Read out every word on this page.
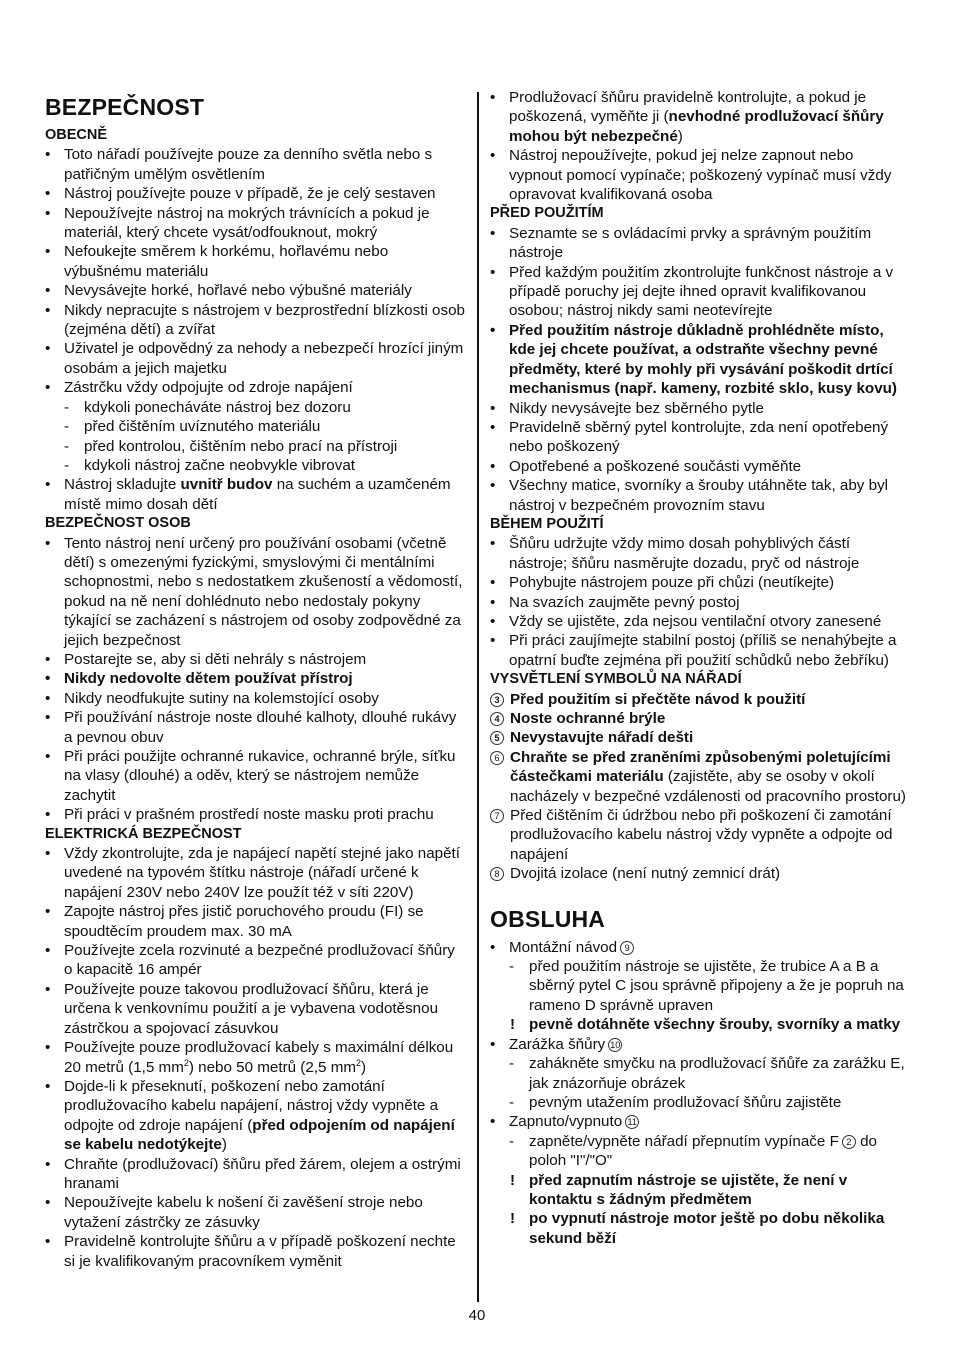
BEZPEČNOST
OBECNĚ
• Toto nářadí používejte pouze za denního světla nebo s patřičným umělým osvětlením
• Nástroj používejte pouze v případě, že je celý sestaven
• Nepoužívejte nástroj na mokrých trávnících a pokud je materiál, který chcete vysát/odfouknout, mokrý
• Nefoukejte směrem k horkému, hořlavému nebo výbušnému materiálu
• Nevysávejte horké, hořlavé nebo výbušné materiály
• Nikdy nepracujte s nástrojem v bezprostřední blízkosti osob (zejména dětí) a zvířat
• Uživatel je odpovědný za nehody a nebezpečí hrozící jiným osobám a jejich majetku
• Zástrčku vždy odpojujte od zdroje napájení
- kdykoli ponecháváte nástroj bez dozoru
- před čištěním uvíznutého materiálu
- před kontrolou, čištěním nebo prací na přístroji
- kdykoli nástroj začne neobvykle vibrovat
• Nástroj skladujte uvnitř budov na suchém a uzamčeném místě mimo dosah dětí
BEZPEČNOST OSOB
• Tento nástroj není určený pro používání osobami (včetně dětí) s omezenými fyzickými, smyslovými či mentálními schopnostmi, nebo s nedostatkem zkušeností a vědomostí, pokud na ně není dohlédnuto nebo nedostaly pokyny týkající se zacházení s nástrojem od osoby zodpovědné za jejich bezpečnost
• Postarejte se, aby si děti nehrály s nástrojem
• Nikdy nedovolte dětem používat přístroj
• Nikdy neodfukujte sutiny na kolemstojící osoby
• Při používání nástroje noste dlouhé kalhoty, dlouhé rukávy a pevnou obuv
• Při práci použijte ochranné rukavice, ochranné brýle, síťku na vlasy (dlouhé) a oděv, který se nástrojem nemůže zachytit
• Při práci v prašném prostředí noste masku proti prachu
ELEKTRICKÁ BEZPEČNOST
• Vždy zkontrolujte, zda je napájecí napětí stejné jako napětí uvedené na typovém štítku nástroje (nářadí určené k napájení 230V nebo 240V lze použít též v síti 220V)
• Zapojte nástroj přes jistič poruchového proudu (FI) se spoudtěcím proudem max. 30 mA
• Používejte zcela rozvinuté a bezpečné prodlužovací šňůry o kapacitě 16 ampér
• Používejte pouze takovou prodlužovací šňůru, která je určena k venkovnímu použití a je vybavena vodotěsnou zástrčkou a spojovací zásuvkou
• Používejte pouze prodlužovací kabely s maximální délkou 20 metrů (1,5 $mm^2$) nebo 50 metrů (2,5 $mm^2$)
• Dojde-li k přeseknutí, poškození nebo zamotání prodlužovacího kabelu napájení, nástroj vždy vypněte a odpojte od zdroje napájení (před odpojením od napájení se kabelu nedotýkejte)
• Chraňte (prodlužovací) šňůru před žárem, olejem a ostrými hranami
• Nepoužívejte kabelu k nošení či zavěšení stroje nebo vytažení zástrčky ze zásuvky
• Pravidelně kontrolujte šňůru a v případě poškození nechte si je kvalifikovaným pracovníkem vyměnit
• Prodlužovací šňůru pravidelně kontrolujte, a pokud je poškozená, vyměňte ji (nevhodné prodlužovací šňůry mohou být nebezpečné)
• Nástroj nepoužívejte, pokud jej nelze zapnout nebo vypnout pomocí vypínače; poškozený vypínač musí vždy opravovat kvalifikovaná osoba
PŘED POUŽITÍM
• Seznamte se s ovládacími prvky a správným použitím nástroje
• Před každým použitím zkontrolujte funkčnost nástroje a v případě poruchy jej dejte ihned opravit kvalifikovanou osobou; nástroj nikdy sami neotevírejte
• Před použitím nástroje důkladně prohlédněte místo, kde jej chcete používat, a odstraňte všechny pevné předměty, které by mohly při vysávání poškodit drtící mechanismus (např. kameny, rozbité sklo, kusy kovu)
• Nikdy nevysávejte bez sběrného pytle
• Pravidelně sběrný pytel kontrolujte, zda není opotřebený nebo poškozený
• Opotřebené a poškozené součásti vyměňte
• Všechny matice, svorníky a šrouby utáhněte tak, aby byl nástroj v bezpečném provozním stavu
BĚHEM POUŽITÍ
• Šňůru udržujte vždy mimo dosah pohyblivých částí nástroje; šňůru nasměrujte dozadu, pryč od nástroje
• Pohybujte nástrojem pouze při chůzi (neutíkejte)
• Na svazích zaujměte pevný postoj
• Vždy se ujistěte, zda nejsou ventilační otvory zanesené
• Při práci zaujímejte stabilní postoj (příliš se nenahýbejte a opatrní buďte zejména při použití schůdků nebo žebříku)
VYSVĚTLENÍ SYMBOLŮ NA NÁŘADÍ
3 Před použitím si přečtěte návod k použití
4 Noste ochranné brýle
5 Nevystavujte nářadí dešti
6 Chraňte se před zraněními způsobenými poletujícími částečkami materiálu (zajistěte, aby se osoby v okolí nacházely v bezpečné vzdálenosti od pracovního prostoru)
7 Před čištěním či údržbou nebo při poškození či zamotání prodlužovacího kabelu nástroj vždy vypněte a odpojte od napájení
8 Dvojitá izolace (není nutný zemnicí drát)
OBSLUHA
• Montážní návod 9
- před použitím nástroje se ujistěte, že trubice A a B a sběrný pytel C jsou správně připojeny a že je popruh na rameno D správně upraven
! pevně dotáhněte všechny šrouby, svorníky a matky
• Zarážka šňůry 10
- zahákněte smyčku na prodlužovací šňůře za zarážku E, jak znázorňuje obrázek
- pevným utažením prodlužovací šňůru zajistěte
• Zapnuto/vypnuto 11
- zapněte/vypněte nářadí přepnutím vypínače F 2 do poloh "I"/"O"
! před zapnutím nástroje se ujistěte, že není v kontaktu s žádným předmětem
! po vypnutí nástroje motor ještě po dobu několika sekund běží
40
